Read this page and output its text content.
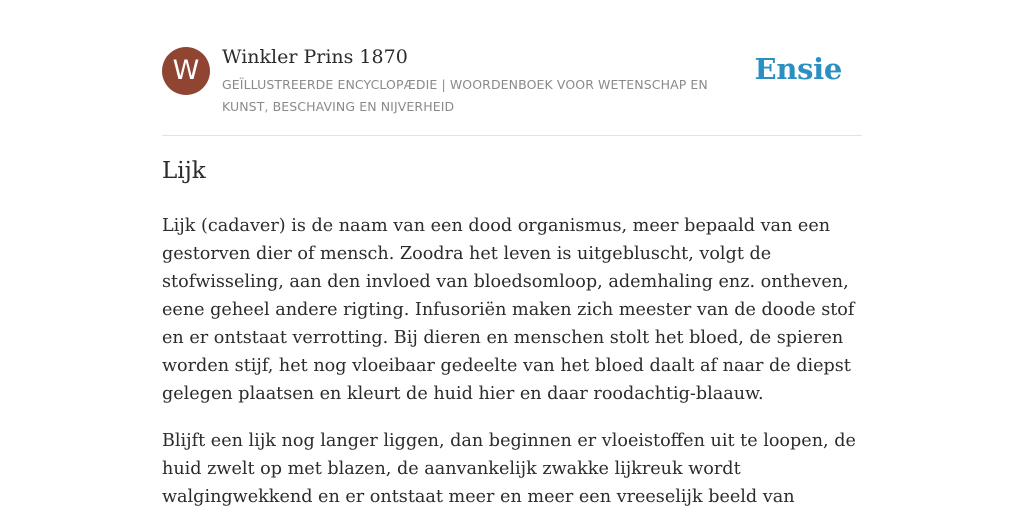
W	Winkler Prins 1870
GEÏLLUSTREERDE ENCYCLOPÆDIE | WOORDENBOEK VOOR WETENSCHAP EN KUNST, BESCHAVING EN NIJVERHEID
Ensie
Lijk

Lijk (cadaver) is de naam van een dood organismus, meer bepaald van een gestorven dier of mensch. Zoodra het leven is uitgebluscht, volgt de stofwisseling, aan den invloed van bloedsomloop, ademhaling enz. ontheven, eene geheel andere rigting. Infusoriën maken zich meester van de doode stof en er ontstaat verrotting. Bij dieren en menschen stolt het bloed, de spieren worden stijf, het nog vloeibaar gedeelte van het bloed daalt af naar de diepst gelegen plaatsen en kleurt de huid hier en daar roodachtig-blaauw.

Blijft een lijk nog langer liggen, dan beginnen er vloeistoffen uit te loopen, de huid zwelt op met blazen, de aanvankelijk zwakke lijkreuk wordt walgingwekkend en er ontstaat meer en meer een vreeselijk beeld van
